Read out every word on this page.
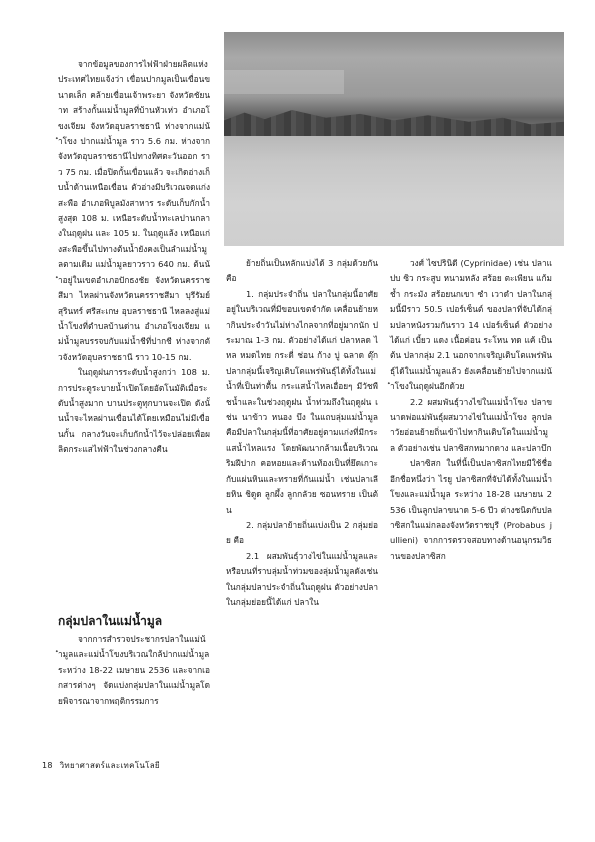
จากข้อมูลของการไฟฟ้าฝ่ายผลิตแห่งประเทศไทยแจ้งว่า เขื่อนปากมูลเป็นเขื่อนขนาดเล็ก คล้ายเขื่อนเจ้าพระยา จังหวัดชัยนาท สร้างกั้นแม่น้ำมูลที่บ้านหัวเห่ว อำเภอโขงเจียม จังหวัดอุบลราชธานี ห่างจากแม่น้ำโขง ปากแม่น้ำมูล ราว 5.6 กม. ห่างจากจังหวัดอุบลราชธานีไปทางทิศตะวันออก ราว 75 กม. เมื่อปิดกั้นเขื่อนแล้ว จะเกิดอ่างเก็บน้ำด้านเหนือเขื่อน ตัวอ่างมีบริเวณจดแก่งสะพือ อำเภอพิบูลมังสาหาร ระดับเก็บกักน้ำสูงสุด 108 ม. เหนือระดับน้ำทะเลปานกลางในฤดูฝน และ 105 ม. ในฤดูแล้ง เหนือแก่งสะพือขึ้นไปทางต้นน้ำยังคงเป็นลำแม่น้ำมูลตามเดิม แม่น้ำมูลยาวราว 640 กม. ต้นน้ำอยู่ในเขตอำเภอปักธงชัย จังหวัดนครราชสีมา ไหลผ่านจังหวัดนครราชสีมา บุรีรัมย์ สุรินทร์ ศรีสะเกษ อุบลราชธานี ไหลลงสู่แม่น้ำโขงที่ตำบลบ้านด่าน อำเภอโขงเจียม แม่น้ำมูลบรรจบกับแม่น้ำชีที่ปากชี ห่างจากตัวจังหวัดอุบลราชธานี ราว 10-15 กม.

ในฤดูฝนการระดับน้ำสูงกว่า 108 ม. การประตูระบายน้ำเปิดโดยอัตโนมัติเมื่อระดับน้ำสูงมาก บานประตูทุกบานจะเปิด ดังนั้นน้ำจะไหลผ่านเขื่อนได้โดยเหมือนไม่มีเขื่อนกั้น กลางวันจะเก็บกักน้ำไว้จะปล่อยเพื่อผลิตกระแสไฟฟ้าในช่วงกลางคืน

กลุ่มปลาในแม่น้ำมูล

จากการสำรวจประชากรปลาในแม่น้ำมูลและแม่น้ำโขงบริเวณใกล้ปากแม่น้ำมูลระหว่าง 18-22 เมษายน 2536 และจากเอกสารต่างๆ จัดแบ่งกลุ่มปลาในแม่น้ำมูลโดยพิจารณาจากพฤติกรรมการ

ย้ายถิ่นเป็นหลักแบ่งได้ 3 กลุ่มด้วยกันคือ

1. กลุ่มประจำถิ่น ปลาในกลุ่มนี้อาศัยอยู่ในบริเวณที่มีขอบเขตจำกัด เคลื่อนย้ายหากินประจำวันไม่ห่างไกลจากที่อยู่มากนัก ประมาณ 1-3 กม. ตัวอย่างได้แก่ ปลาหลด ไหล หมดไทย กระดี่ ช่อน ก้าง บู่ ฉลาด ตุ๊ก ปลากลุ่มนี้เจริญเติบโตแพร่พันธุ์ได้ทั้งในแม่น้ำที่เป็นท่าตื้น กระแสน้ำไหลเอื่อยๆ มีวัชพืชน้ำและในช่วงฤดูฝน น้ำท่วมถึงในฤดูฝน เช่น นาข้าว หนอง บึง ในแถบลุ่มแม่น้ำมูล คือมีปลาในกลุ่มนี้ที่อาศัยอยู่ตามแก่งที่มีกระแสน้ำไหลแรง โดยพัฒนากล้ามเนื้อบริเวณริมฝีปาก คอหอยและด้านท้องเป็นที่ยึดเกาะกับแผ่นหินและทรายที่กันแม่น้ำ เช่นปลาเลียหิน ชิดูด ลูกผึ้ง ลูกกลัวย ซอนทราย เป็นต้น

2. กลุ่มปลาย้ายถิ่นแบ่งเป็น 2 กลุ่มย่อย คือ

2.1 ผสมพันธุ์วางไข่ในแม่น้ำมูลและหรือบนที่ราบลุ่มน้ำท่วมของลุ่มน้ำมูลดังเช่นในกลุ่มปลาประจำถิ่นในฤดูฝน ตัวอย่างปลาในกลุ่มย่อยนี้ได้แก่ ปลาใน

วงศ์ ไซปรินิดี (Cyprinidae) เช่น ปลาแปบ ซิว กระสูบ หนามหลัง สร้อย ตะเพียน แก้มช้ำ กระมัง สร้อยนกเขา ซำ เวาดำ ปลาในกลุ่มนี้มีราว 50.5 เปอร์เซ็นต์ ของปลาที่จับได้กลุ่มปลาหนังรวมกันราว 14 เปอร์เซ็นต์ ตัวอย่างได้แก่ เบี้ยว แดง เนื้อค่อน ระโหน ทด แค้ เป็นต้น ปลากลุ่ม 2.1 นอกจากเจริญเติบโตแพร่พันธุ์ได้ในแม่น้ำมูลแล้ว ยังเคลื่อนย้ายไปจากแม่น้ำโขงในฤดูฝนอีกด้วย

2.2 ผสมพันธุ์วางไข่ในแม่น้ำโขง ปลาขนาดพ่อแม่พันธุ์ผสมวางไข่ในแม่น้ำโขง ลูกปลาวัยอ่อนย้ายถิ่นเข้าไปหากินเติบโตในแม่น้ำมูล ตัวอย่างเช่น ปลาซิสกหมากดาง และปลาบึก

ปลาซิสก ในที่นี้เป็นปลาซิสกไทยมีใช้ชื่ออีกชื่อหนึ่งว่า ไรยู ปลาซิสกที่จับได้ทั้งในแม่น้ำโขงและแม่น้ำมูล ระหว่าง 18-28 เมษายน 2536 เป็นลูกปลาขนาด 5-6 ปีว ต่างชนิดกับปลาซิสกในแม่กลองจังหวัดราชบุรี (Probabus jullieni) จากการตรวจสอบทางด้านอนุกรมวิธานของปลาซิสก

18 วิทยาศาสตร์และเทคโนโลยี
